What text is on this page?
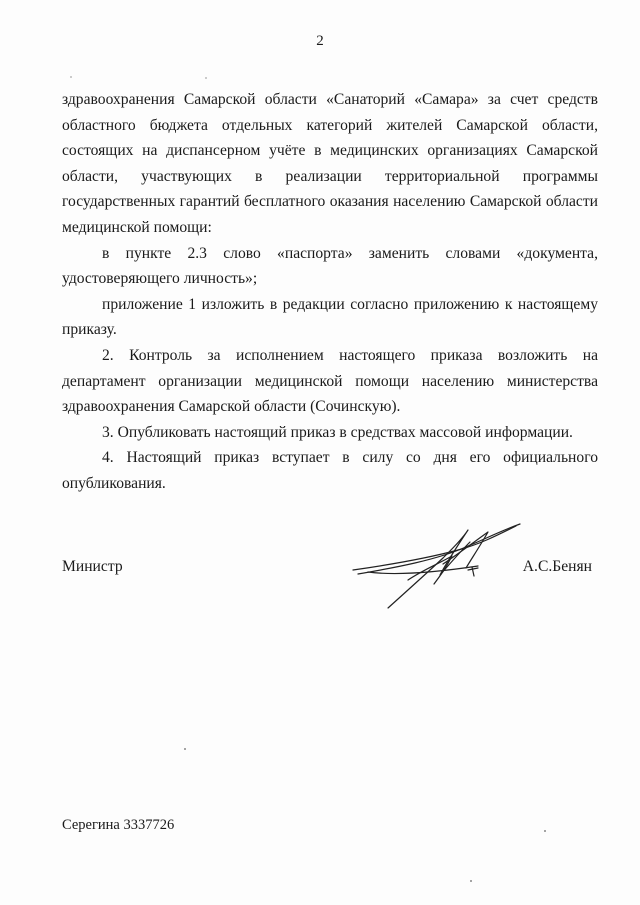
2

здравоохранения Самарской области «Санаторий «Самара» за счет средств областного бюджета отдельных категорий жителей Самарской области, состоящих на диспансерном учёте в медицинских организациях Самарской области, участвующих в реализации территориальной программы государственных гарантий бесплатного оказания населению Самарской области медицинской помощи:

в пункте 2.3 слово «паспорта» заменить словами «документа, удостоверяющего личность»;

приложение 1 изложить в редакции согласно приложению к настоящему приказу.

2. Контроль за исполнением настоящего приказа возложить на департамент организации медицинской помощи населению министерства здравоохранения Самарской области (Сочинскую).

3. Опубликовать настоящий приказ в средствах массовой информации.

4. Настоящий приказ вступает в силу со дня его официального опубликования.

Министр	А.С.Бенян
Серегина 3337726
